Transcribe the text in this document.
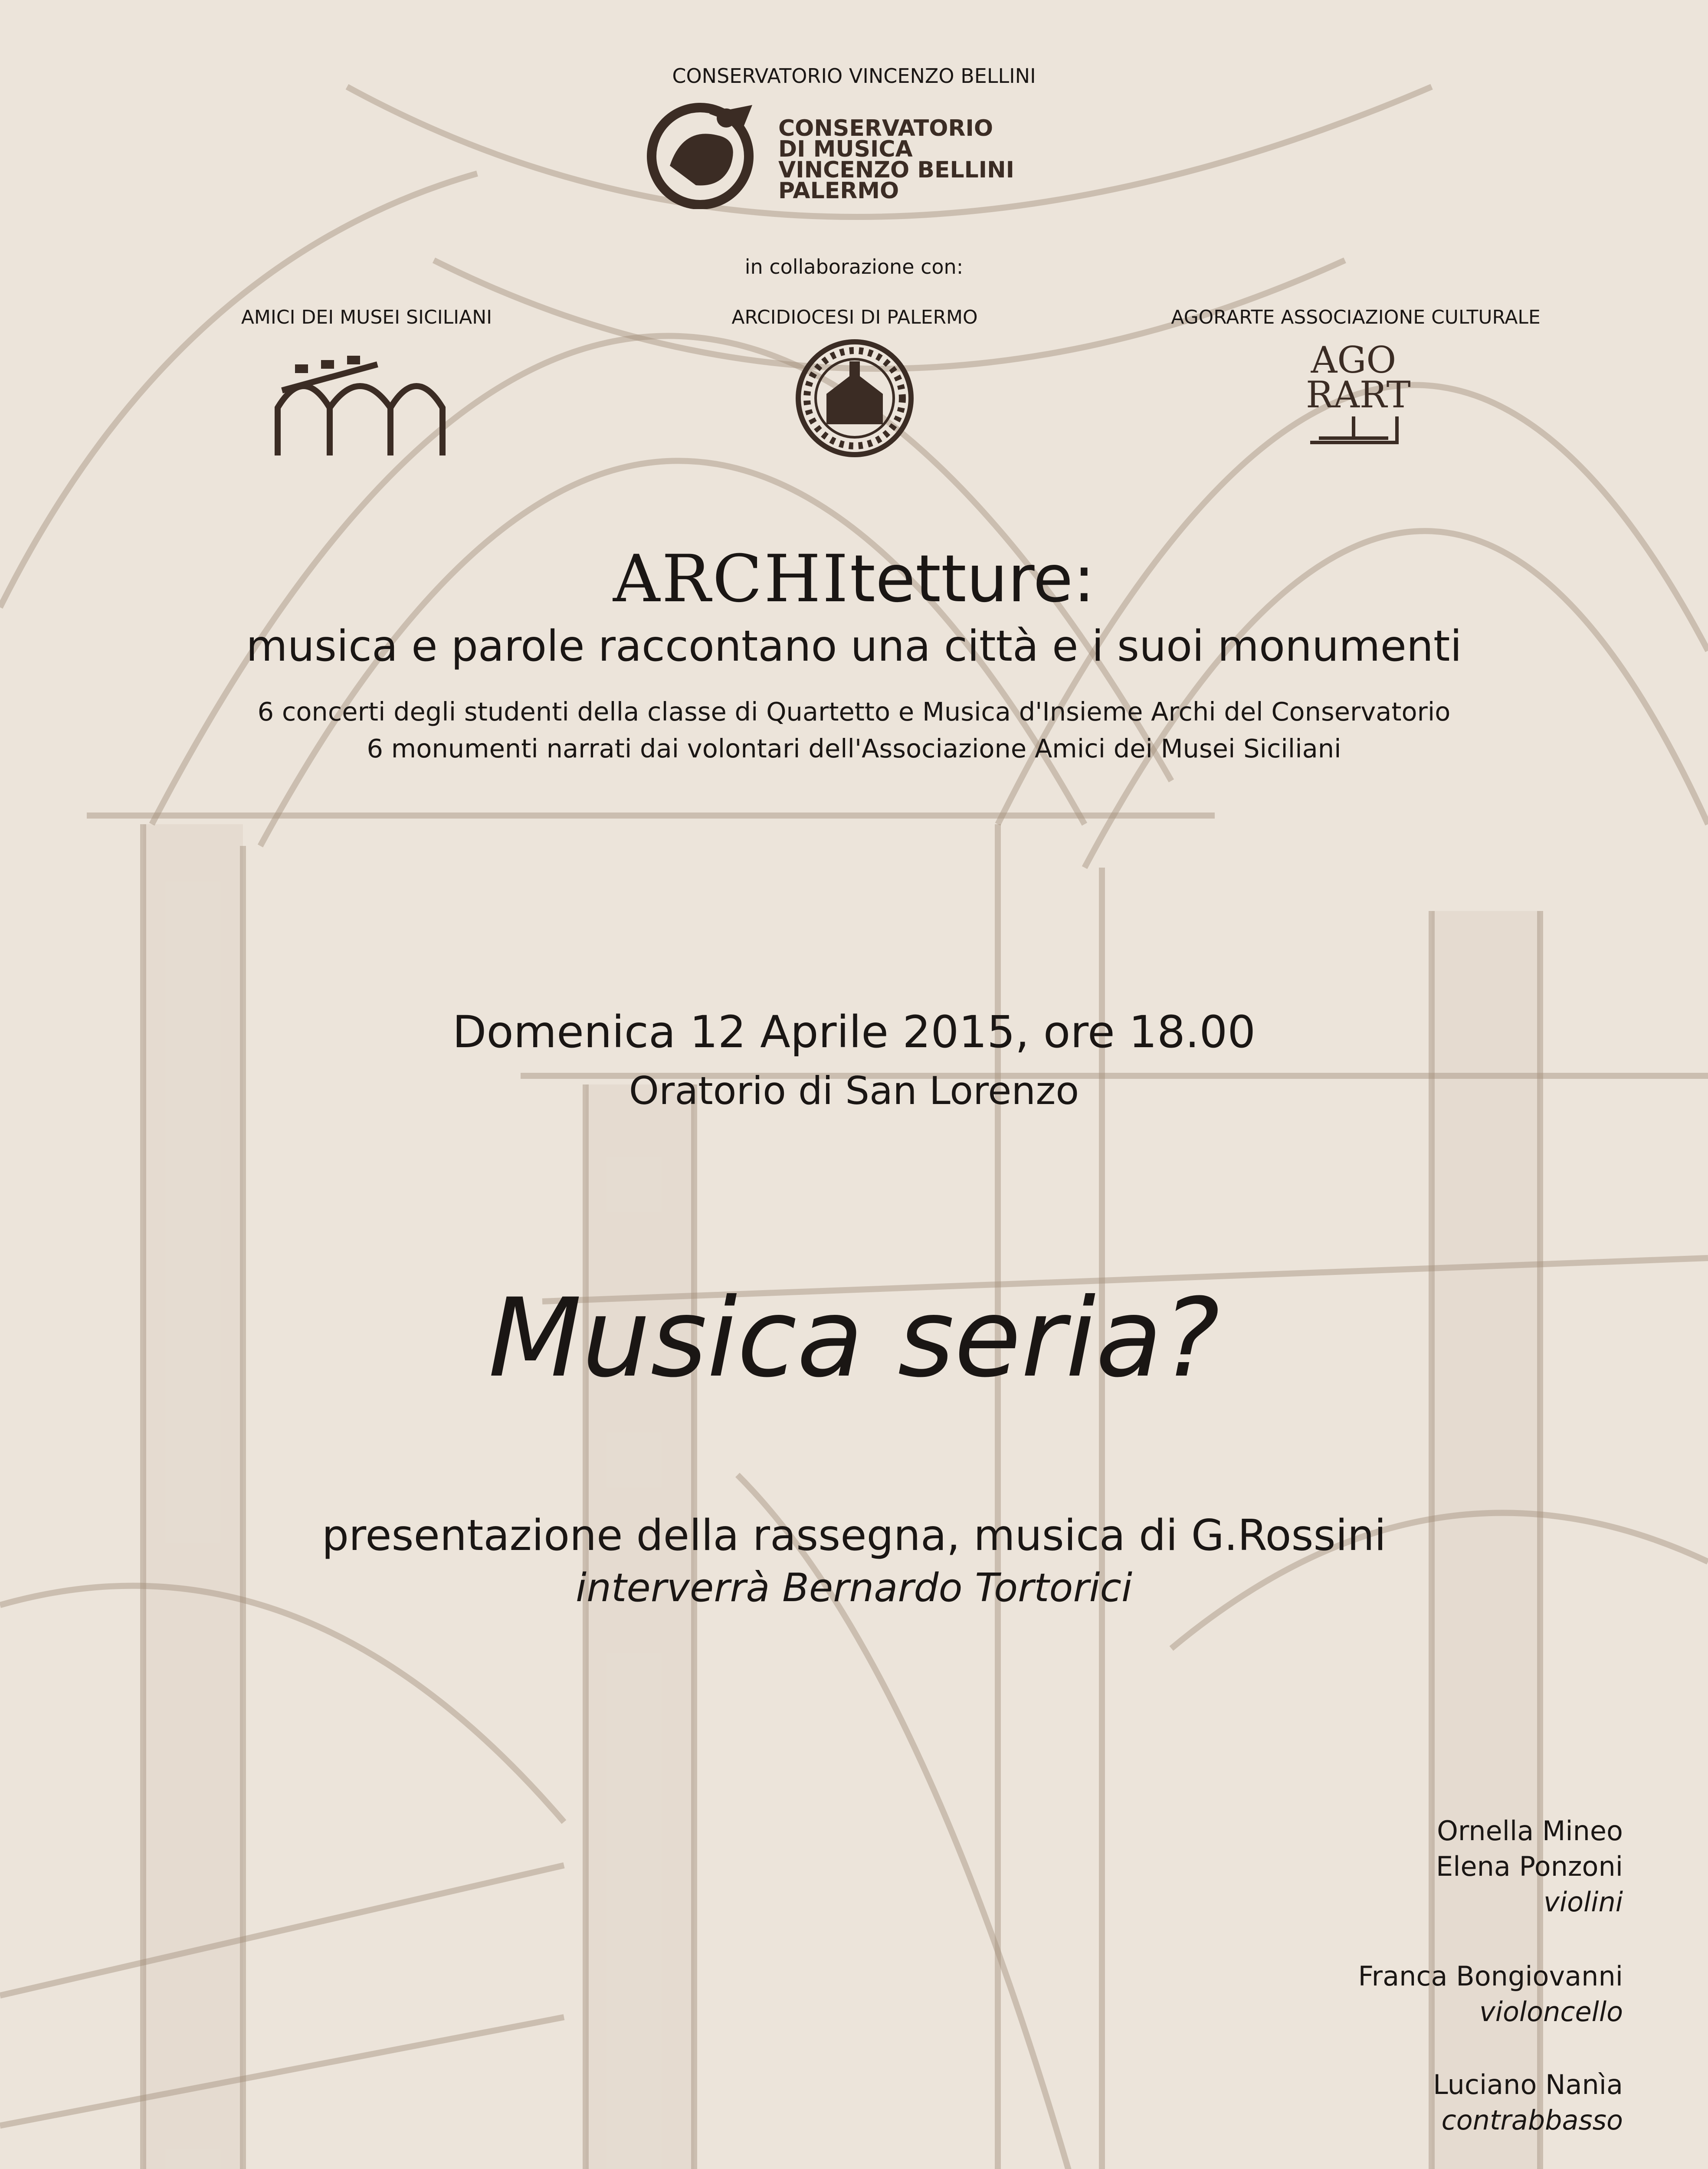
CONSERVATORIO VINCENZO BELLINI
CONSERVATORIO
DI MUSICA
VINCENZO BELLINI
PALERMO
in collaborazione con:
AMICI DEI MUSEI SICILIANI	ARCIDIOCESI DI PALERMO	AGORARTE ASSOCIAZIONE CULTURALE
AGO
RART
ARCHItetture:
musica e parole raccontano una città e i suoi monumenti
6 concerti degli studenti della classe di Quartetto e Musica d'Insieme Archi del Conservatorio
6 monumenti narrati dai volontari dell'Associazione Amici dei Musei Siciliani
Domenica 12 Aprile 2015, ore 18.00
Oratorio di San Lorenzo
Musica seria?
presentazione della rassegna, musica di G.Rossini
interverrà Bernardo Tortorici
Ornella Mineo
Elena Ponzoni
violini
Franca Bongiovanni
violoncello
Luciano Nanìa
contrabbasso
